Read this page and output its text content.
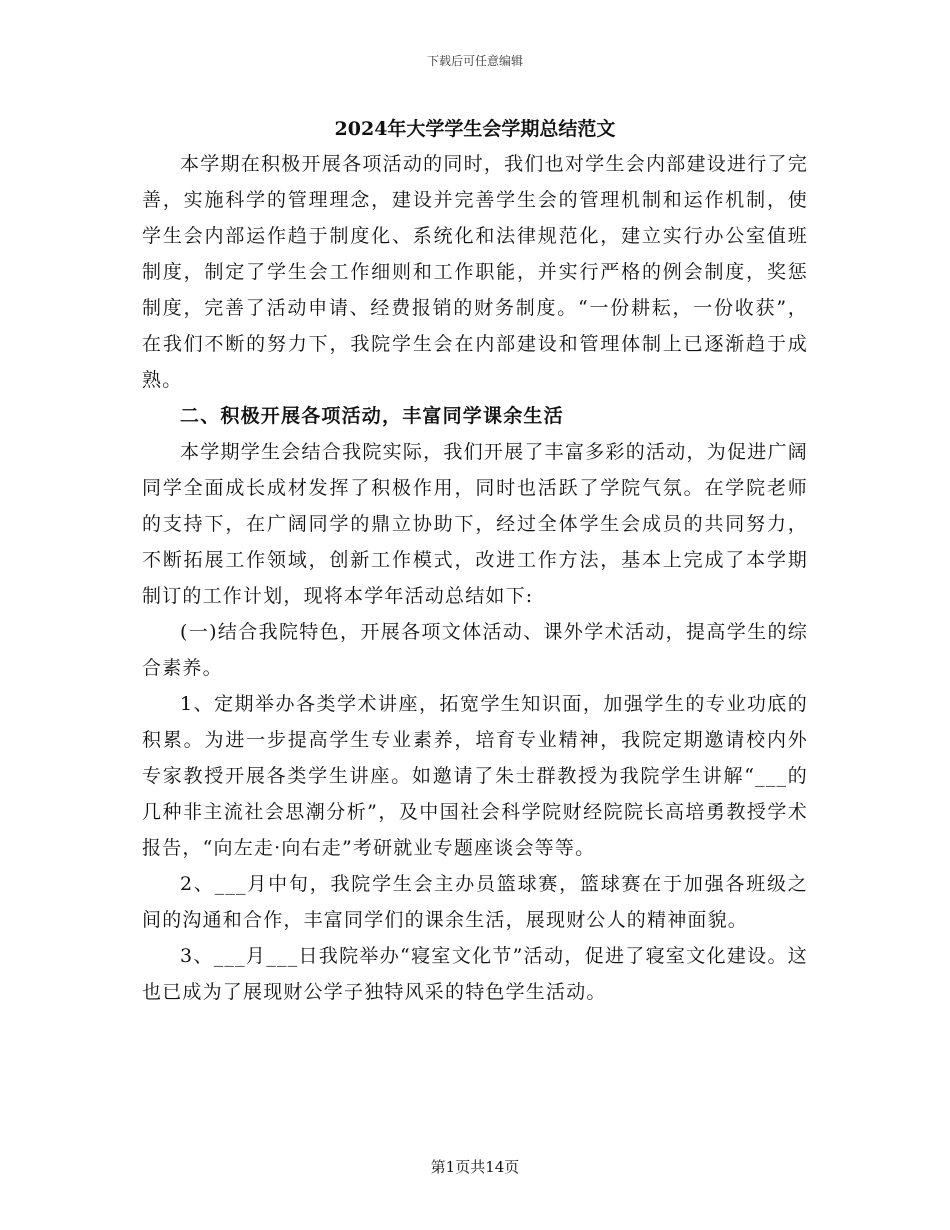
下载后可任意编辑
2024年大学学生会学期总结范文

本学期在积极开展各项活动的同时，我们也对学生会内部建设进行了完善，实施科学的管理理念，建设并完善学生会的管理机制和运作机制，使学生会内部运作趋于制度化、系统化和法律规范化，建立实行办公室值班制度，制定了学生会工作细则和工作职能，并实行严格的例会制度，奖惩制度，完善了活动申请、经费报销的财务制度。“一份耕耘，一份收获”，在我们不断的努力下，我院学生会在内部建设和管理体制上已逐渐趋于成熟。

二、积极开展各项活动，丰富同学课余生活

本学期学生会结合我院实际，我们开展了丰富多彩的活动，为促进广阔同学全面成长成材发挥了积极作用，同时也活跃了学院气氛。在学院老师的支持下，在广阔同学的鼎立协助下，经过全体学生会成员的共同努力，不断拓展工作领域，创新工作模式，改进工作方法，基本上完成了本学期制订的工作计划，现将本学年活动总结如下:

(一)结合我院特色，开展各项文体活动、课外学术活动，提高学生的综合素养。

1、定期举办各类学术讲座，拓宽学生知识面，加强学生的专业功底的积累。为进一步提高学生专业素养，培育专业精神，我院定期邀请校内外专家教授开展各类学生讲座。如邀请了朱士群教授为我院学生讲解“___的几种非主流社会思潮分析”，及中国社会科学院财经院院长高培勇教授学术报告，“向左走·向右走”考研就业专题座谈会等等。

2、___月中旬，我院学生会主办员篮球赛，篮球赛在于加强各班级之间的沟通和合作，丰富同学们的课余生活，展现财公人的精神面貌。

3、___月___日我院举办“寝室文化节”活动，促进了寝室文化建设。这也已成为了展现财公学子独特风采的特色学生活动。

第1页共14页
